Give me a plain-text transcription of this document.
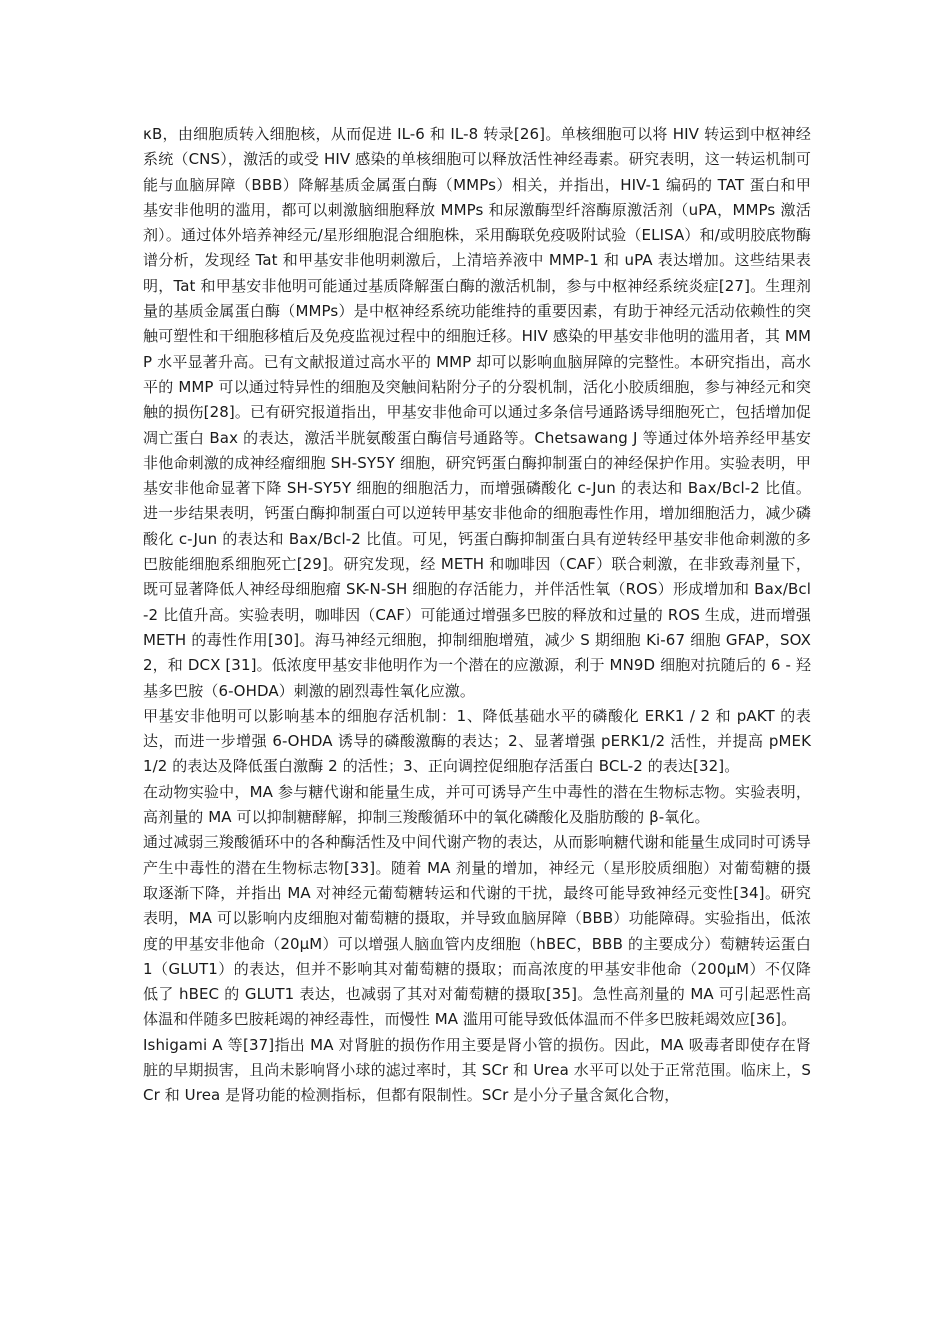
κB，由细胞质转入细胞核，从而促进 IL-6 和 IL-8 转录[26]。单核细胞可以将 HIV 转运到中枢神经系统（CNS），激活的或受 HIV 感染的单核细胞可以释放活性神经毒素。研究表明，这一转运机制可能与血脑屏障（BBB）降解基质金属蛋白酶（MMPs）相关，并指出，HIV-1 编码的 TAT 蛋白和甲基安非他明的滥用，都可以刺激脑细胞释放 MMPs 和尿激酶型纤溶酶原激活剂（uPA，MMPs 激活剂）。通过体外培养神经元/星形细胞混合细胞株，采用酶联免疫吸附试验（ELISA）和/或明胶底物酶谱分析，发现经 Tat 和甲基安非他明刺激后，上清培养液中 MMP-1 和 uPA 表达增加。这些结果表明，Tat 和甲基安非他明可能通过基质降解蛋白酶的激活机制，参与中枢神经系统炎症[27]。生理剂量的基质金属蛋白酶（MMPs）是中枢神经系统功能维持的重要因素，有助于神经元活动依赖性的突触可塑性和干细胞移植后及免疫监视过程中的细胞迁移。HIV 感染的甲基安非他明的滥用者，其 MMP 水平显著升高。已有文献报道过高水平的 MMP 却可以影响血脑屏障的完整性。本研究指出，高水平的 MMP 可以通过特异性的细胞及突触间粘附分子的分裂机制，活化小胶质细胞，参与神经元和突触的损伤[28]。已有研究报道指出，甲基安非他命可以通过多条信号通路诱导细胞死亡，包括增加促凋亡蛋白 Bax 的表达，激活半胱氨酸蛋白酶信号通路等。Chetsawang J 等通过体外培养经甲基安非他命刺激的成神经瘤细胞 SH-SY5Y 细胞，研究钙蛋白酶抑制蛋白的神经保护作用。实验表明，甲基安非他命显著下降 SH-SY5Y 细胞的细胞活力，而增强磷酸化 c-Jun 的表达和 Bax/Bcl-2 比值。进一步结果表明，钙蛋白酶抑制蛋白可以逆转甲基安非他命的细胞毒性作用，增加细胞活力，减少磷酸化 c-Jun 的表达和 Bax/Bcl-2 比值。可见，钙蛋白酶抑制蛋白具有逆转经甲基安非他命刺激的多巴胺能细胞系细胞死亡[29]。研究发现，经 METH 和咖啡因（CAF）联合刺激，在非致毒剂量下，既可显著降低人神经母细胞瘤 SK-N-SH 细胞的存活能力，并伴活性氧（ROS）形成增加和 Bax/Bcl-2 比值升高。实验表明，咖啡因（CAF）可能通过增强多巴胺的释放和过量的 ROS 生成，进而增强 METH 的毒性作用[30]。海马神经元细胞，抑制细胞增殖，减少 S 期细胞 Ki-67 细胞 GFAP，SOX2，和 DCX [31]。低浓度甲基安非他明作为一个潜在的应激源，利于 MN9D 细胞对抗随后的 6 - 羟基多巴胺（6-OHDA）刺激的剧烈毒性氧化应激。

甲基安非他明可以影响基本的细胞存活机制：1、降低基础水平的磷酸化 ERK1 / 2 和 pAKT 的表达，而进一步增强 6-OHDA 诱导的磷酸激酶的表达；2、显著增强 pERK1/2 活性，并提高 pMEK1/2 的表达及降低蛋白激酶 2 的活性；3、正向调控促细胞存活蛋白 BCL-2 的表达[32]。

在动物实验中，MA 参与糖代谢和能量生成，并可可诱导产生中毒性的潜在生物标志物。实验表明，高剂量的 MA 可以抑制糖酵解，抑制三羧酸循环中的氧化磷酸化及脂肪酸的 β-氧化。

通过减弱三羧酸循环中的各种酶活性及中间代谢产物的表达，从而影响糖代谢和能量生成同时可诱导产生中毒性的潜在生物标志物[33]。随着 MA 剂量的增加，神经元（星形胶质细胞）对葡萄糖的摄取逐渐下降，并指出 MA 对神经元葡萄糖转运和代谢的干扰，最终可能导致神经元变性[34]。研究表明，MA 可以影响内皮细胞对葡萄糖的摄取，并导致血脑屏障（BBB）功能障碍。实验指出，低浓度的甲基安非他命（20μM）可以增强人脑血管内皮细胞（hBEC，BBB 的主要成分）萄糖转运蛋白 1（GLUT1）的表达，但并不影响其对葡萄糖的摄取；而高浓度的甲基安非他命（200μM）不仅降低了 hBEC 的 GLUT1 表达，也减弱了其对对葡萄糖的摄取[35]。急性高剂量的 MA 可引起恶性高体温和伴随多巴胺耗竭的神经毒性，而慢性 MA 滥用可能导致低体温而不伴多巴胺耗竭效应[36]。

Ishigami A 等[37]指出 MA 对肾脏的损伤作用主要是肾小管的损伤。因此，MA 吸毒者即使存在肾脏的早期损害，且尚未影响肾小球的滤过率时，其 SCr 和 Urea 水平可以处于正常范围。临床上，SCr 和 Urea 是肾功能的检测指标，但都有限制性。SCr 是小分子量含氮化合物，
